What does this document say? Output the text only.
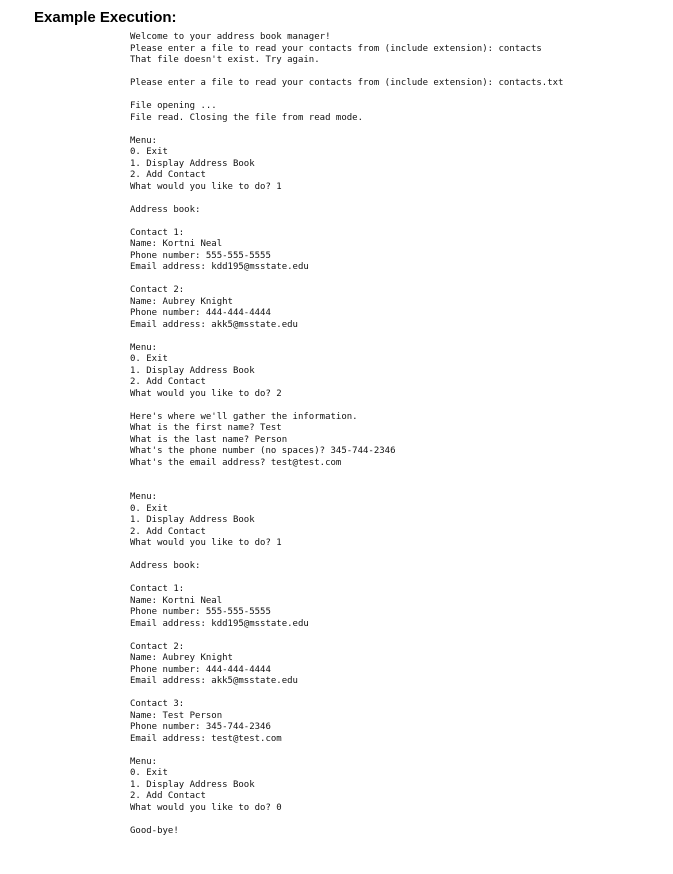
Example Execution:
Welcome to your address book manager!
Please enter a file to read your contacts from (include extension): contacts
That file doesn't exist. Try again.
Please enter a file to read your contacts from (include extension): contacts.txt
File opening ...
File read. Closing the file from read mode.
Menu:
0. Exit
1. Display Address Book
2. Add Contact
What would you like to do? 1
Address book:
Contact 1:
Name: Kortni Neal
Phone number: 555-555-5555
Email address: kdd195@msstate.edu
Contact 2:
Name: Aubrey Knight
Phone number: 444-444-4444
Email address: akk5@msstate.edu
Menu:
0. Exit
1. Display Address Book
2. Add Contact
What would you like to do? 2
Here's where we'll gather the information.
What is the first name? Test
What is the last name? Person
What's the phone number (no spaces)? 345-744-2346
What's the email address? test@test.com
Menu:
0. Exit
1. Display Address Book
2. Add Contact
What would you like to do? 1
Address book:
Contact 1:
Name: Kortni Neal
Phone number: 555-555-5555
Email address: kdd195@msstate.edu
Contact 2:
Name: Aubrey Knight
Phone number: 444-444-4444
Email address: akk5@msstate.edu
Contact 3:
Name: Test Person
Phone number: 345-744-2346
Email address: test@test.com
Menu:
0. Exit
1. Display Address Book
2. Add Contact
What would you like to do? 0
Good-bye!
